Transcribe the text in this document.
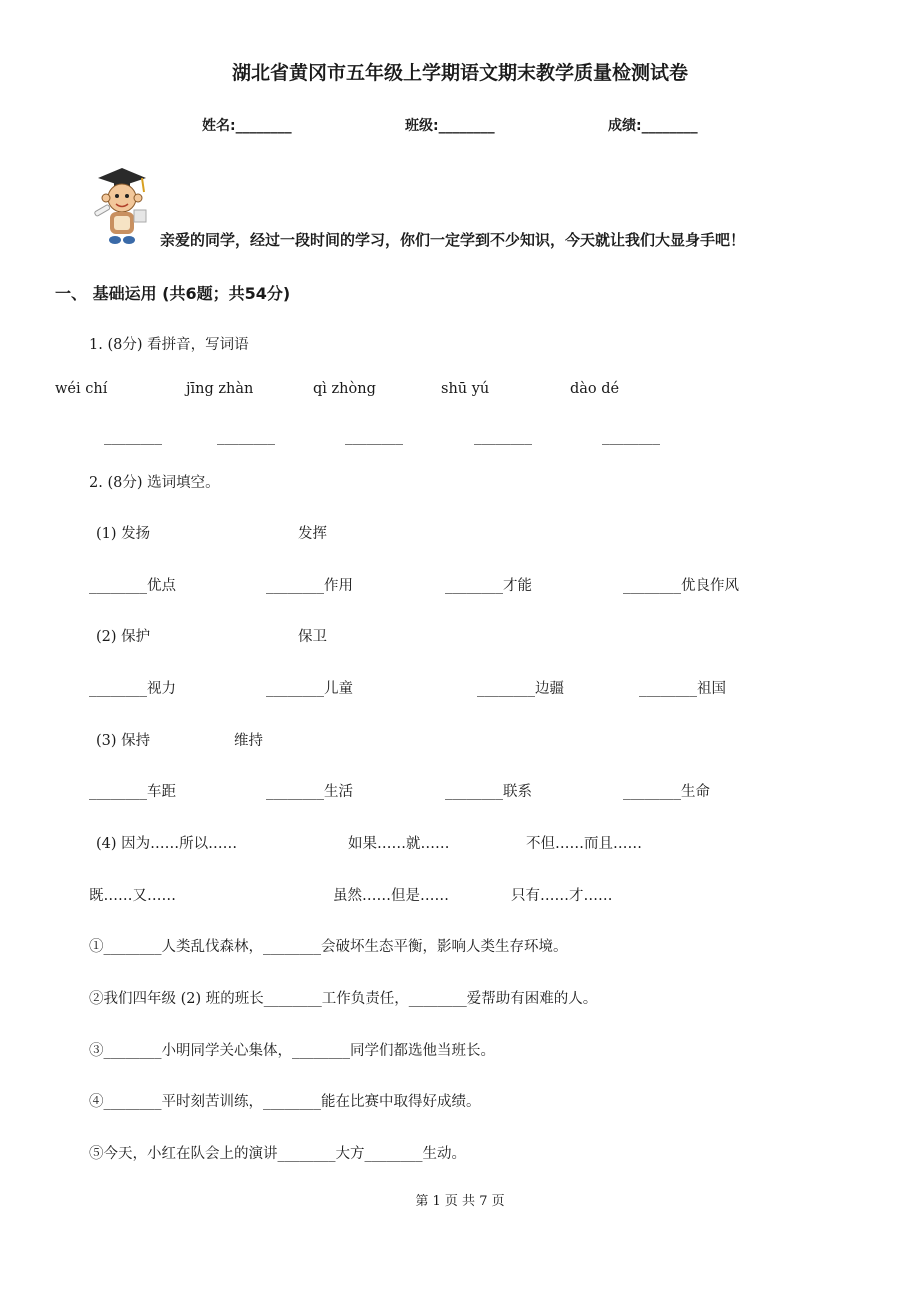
湖北省黄冈市五年级上学期语文期末教学质量检测试卷
姓名:________	班级:________	成绩:________
亲爱的同学，经过一段时间的学习，你们一定学到不少知识，今天就让我们大显身手吧！
一、 基础运用 (共6题；共54分)
1. (8分) 看拼音，写词语
wéi chí	jīng zhàn	qì zhòng	shū yú	dào dé
________	________	________	________	________
2. (8分) 选词填空。
(1) 发扬	发挥
________优点	________作用	________才能	________优良作风
(2) 保护	保卫
________视力	________儿童	________边疆	________祖国
(3) 保持	维持
________车距	________生活	________联系	________生命
(4) 因为……所以……	如果……就……	不但……而且……
既……又……	虽然……但是……	只有……才……
①________人类乱伐森林，________会破坏生态平衡，影响人类生存环境。
②我们四年级 (2) 班的班长________工作负责任，________爱帮助有困难的人。
③________小明同学关心集体，________同学们都选他当班长。
④________平时刻苦训练，________能在比赛中取得好成绩。
⑤今天，小红在队会上的演讲________大方________生动。
第 1 页 共 7 页
